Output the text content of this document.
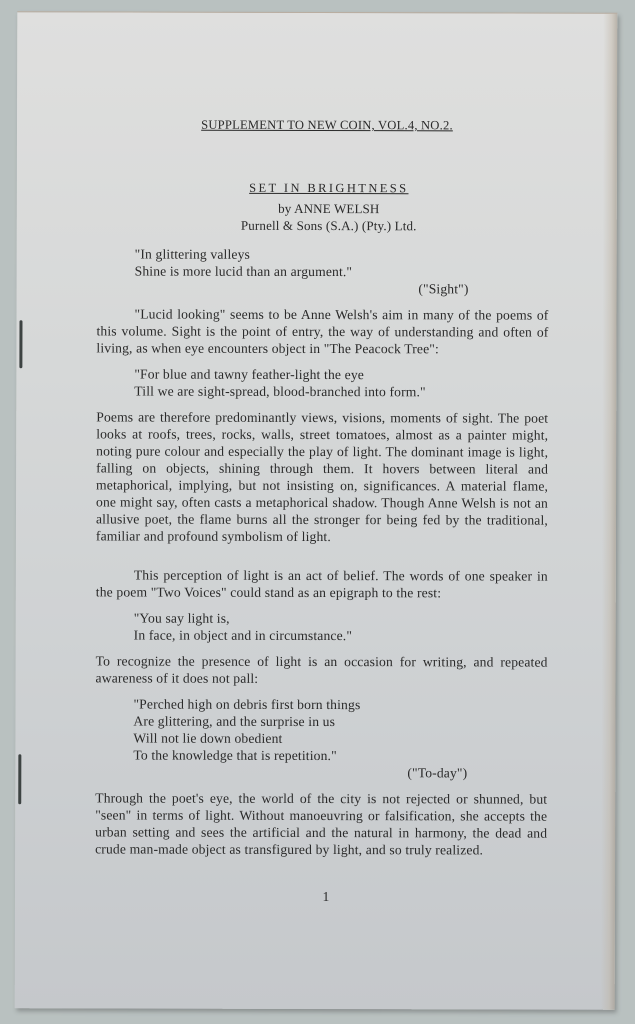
SUPPLEMENT TO NEW COIN, VOL.4, NO.2.
SET IN BRIGHTNESS
by ANNE WELSH
Purnell & Sons (S.A.) (Pty.) Ltd.
"In glittering valleys
Shine is more lucid than an argument."
("Sight")

"Lucid looking" seems to be Anne Welsh's aim in many of the poems of this volume. Sight is the point of entry, the way of understanding and often of living, as when eye encounters object in "The Peacock Tree":

"For blue and tawny feather-light the eye
Till we are sight-spread, blood-branched into form."

Poems are therefore predominantly views, visions, moments of sight. The poet looks at roofs, trees, rocks, walls, street tomatoes, almost as a painter might, noting pure colour and especially the play of light. The dominant image is light, falling on objects, shining through them. It hovers between literal and metaphorical, implying, but not insisting on, significances. A material flame, one might say, often casts a metaphorical shadow. Though Anne Welsh is not an allusive poet, the flame burns all the stronger for being fed by the traditional, familiar and profound symbolism of light.

This perception of light is an act of belief. The words of one speaker in the poem "Two Voices" could stand as an epigraph to the rest:

"You say light is,
In face, in object and in circumstance."

To recognize the presence of light is an occasion for writing, and repeated awareness of it does not pall:

"Perched high on debris first born things
Are glittering, and the surprise in us
Will not lie down obedient
To the knowledge that is repetition."
("To-day")

Through the poet's eye, the world of the city is not rejected or shunned, but "seen" in terms of light. Without manoeuvring or falsification, she accepts the urban setting and sees the artificial and the natural in harmony, the dead and crude man-made object as transfigured by light, and so truly realized.

1
